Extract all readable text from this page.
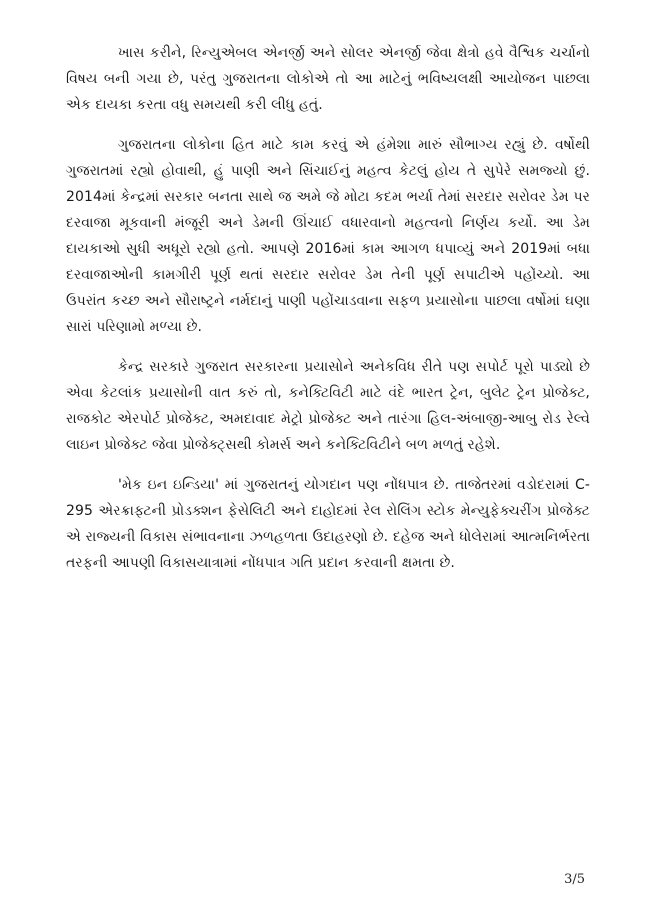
ખાસ કરીને, રિન્યુએબલ એનર્જી અને સોલર એનર્જી જેવા ક્ષેત્રો હવે વૈશ્વિક ચર્ચાનો વિષય બની ગયા છે, પરંતુ ગુજરાતના લોકોએ તો આ માટેનું ભવિષ્યલક્ષી આયોજન પાછલા એક દાયકા કરતા વધુ સમયથી કરી લીધુ હતું.

ગુજરાતના લોકોના હિત માટે કામ કરવું એ હંમેશા મારું સૌભાગ્ય રહ્યું છે. વર્ષોથી ગુજરાતમાં રહ્યો હોવાથી, હું પાણી અને સિંચાઈનું મહત્વ કેટલું હોય તે સુપેરે સમજ્યો છું. 2014માં કેન્દ્રમાં સરકાર બનતા સાથે જ અમે જે મોટા કદમ ભર્યા તેમાં સરદાર સરોવર ડેમ પર દરવાજા મૂકવાની મંજૂરી અને ડેમની ઊંચાઈ વધારવાનો મહત્વનો નિર્ણય કર્યો. આ ડેમ દાયકાઓ સુધી અધૂરો રહ્યો હતો. આપણે 2016માં કામ આગળ ધપાવ્યું અને 2019માં બધા દરવાજાઓની કામગીરી પૂર્ણ થતાં સરદાર સરોવર ડેમ તેની પૂર્ણ સપાટીએ પહોંચ્યો. આ ઉપરાંત કચ્છ અને સૌરાષ્ટ્રને નર્મદાનું પાણી પહોંચાડવાના સફળ પ્રયાસોના પાછલા વર્ષોમાં ઘણા સારાં પરિણામો મળ્યા છે.

કેન્દ્ર સરકારે ગુજરાત સરકારના પ્રયાસોને અનેકવિધ રીતે પણ સપોર્ટ પૂરો પાડ્યો છે એવા કેટલાંક પ્રયાસોની વાત કરું તો, કનેક્ટિવિટી માટે વંદે ભારત ટ્રેન, બુલેટ ટ્રેન પ્રોજેક્ટ, રાજકોટ એરપોર્ટ પ્રોજેક્ટ, અમદાવાદ મેટ્રો પ્રોજેક્ટ અને તારંગા હિલ-અંબાજી-આબુ રોડ રેલ્વે લાઇન પ્રોજેક્ટ જેવા પ્રોજેક્ટ્સથી કોમર્સ અને કનેક્ટિવિટીને બળ મળતું રહેશે.

'મેક ઇન ઇન્ડિયા' માં ગુજરાતનું યોગદાન પણ નોંધપાત્ર છે. તાજેતરમાં વડોદરામાં C-295 એરક્રાફ્ટની પ્રોડક્શન ફેસેલિટી અને દાહોદમાં રેલ રોલિંગ સ્ટોક મેન્યુફેક્ચરીંગ પ્રોજેક્ટ એ રાજ્યની વિકાસ સંભાવનાના ઝળહળતા ઉદાહરણો છે. દહેજ અને ધોલેરામાં આત્મનિર્ભરતા તરફની આપણી વિકાસયાત્રામાં નોંધપાત્ર ગતિ પ્રદાન કરવાની ક્ષમતા છે.

3/5
